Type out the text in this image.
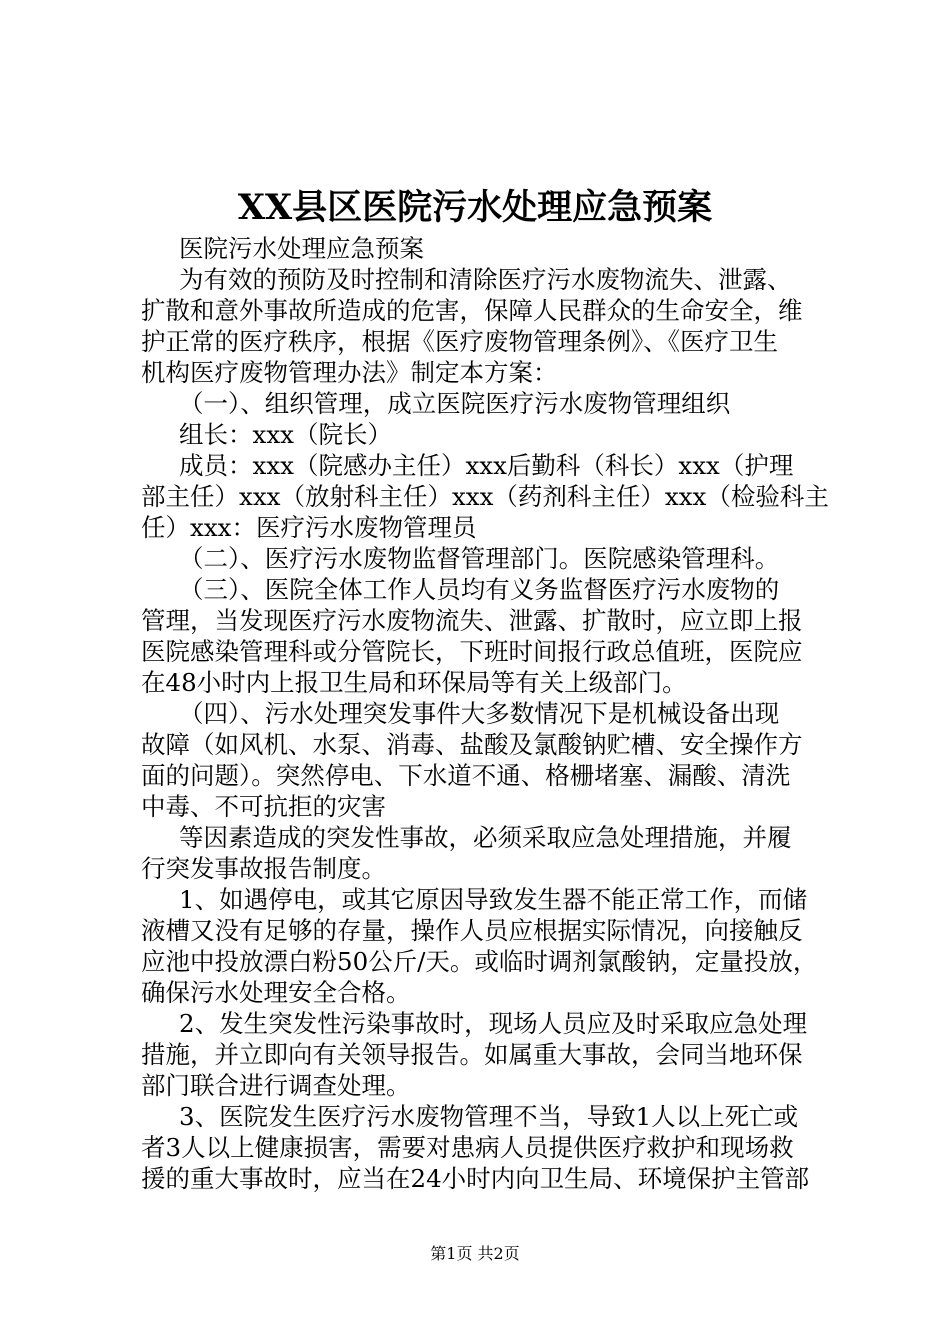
XX县区医院污水处理应急预案

医院污水处理应急预案

为有效的预防及时控制和清除医疗污水废物流失、泄露、

扩散和意外事故所造成的危害，保障人民群众的生命安全，维

护正常的医疗秩序，根据《医疗废物管理条例》、《医疗卫生

机构医疗废物管理办法》制定本方案：

（一）、组织管理，成立医院医疗污水废物管理组织

组长：xxx（院长）

成员：xxx（院感办主任）xxx后勤科（科长）xxx（护理

部主任）xxx（放射科主任）xxx（药剂科主任）xxx（检验科主

任）xxx：医疗污水废物管理员

（二）、医疗污水废物监督管理部门。医院感染管理科。

（三）、医院全体工作人员均有义务监督医疗污水废物的

管理，当发现医疗污水废物流失、泄露、扩散时，应立即上报

医院感染管理科或分管院长，下班时间报行政总值班，医院应

在48小时内上报卫生局和环保局等有关上级部门。

（四）、污水处理突发事件大多数情况下是机械设备出现

故障（如风机、水泵、消毒、盐酸及氯酸钠贮槽、安全操作方

面的问题）。突然停电、下水道不通、格栅堵塞、漏酸、清洗

中毒、不可抗拒的灾害

等因素造成的突发性事故，必须采取应急处理措施，并履

行突发事故报告制度。

1、如遇停电，或其它原因导致发生器不能正常工作，而储

液槽又没有足够的存量，操作人员应根据实际情况，向接触反

应池中投放漂白粉50公斤/天。或临时调剂氯酸钠，定量投放，

确保污水处理安全合格。

2、发生突发性污染事故时，现场人员应及时采取应急处理

措施，并立即向有关领导报告。如属重大事故，会同当地环保

部门联合进行调查处理。

3、医院发生医疗污水废物管理不当，导致1人以上死亡或

者3人以上健康损害，需要对患病人员提供医疗救护和现场救

援的重大事故时，应当在24小时内向卫生局、环境保护主管部

第1页 共2页
